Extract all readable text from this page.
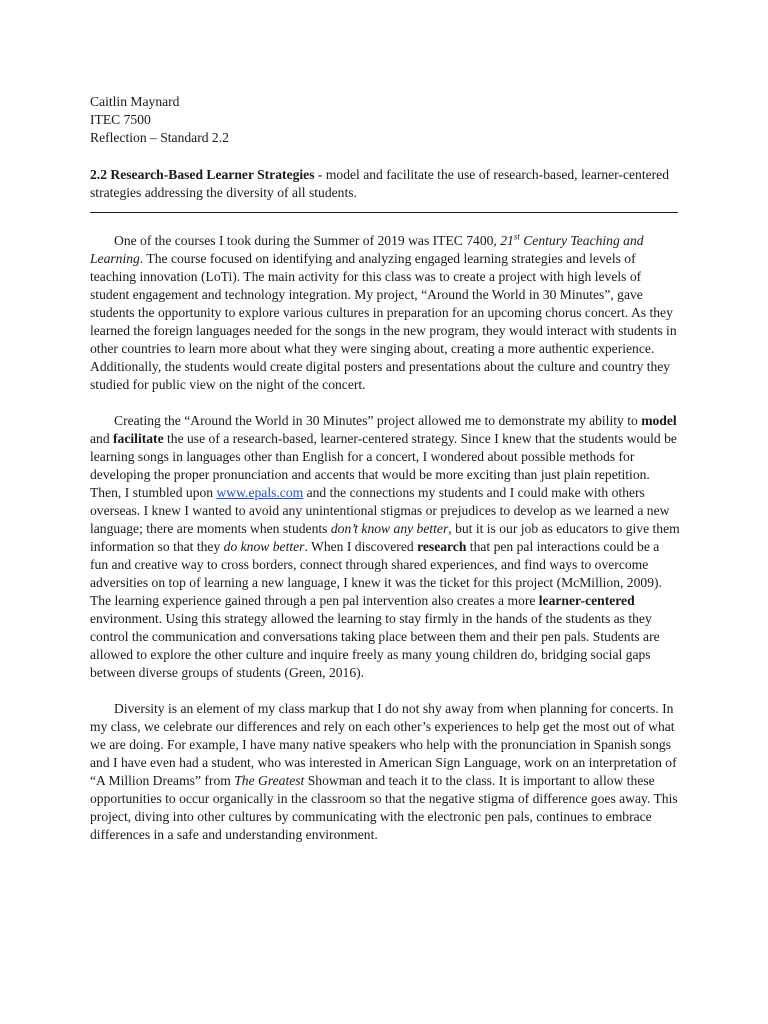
Caitlin Maynard
ITEC 7500
Reflection – Standard 2.2
2.2 Research-Based Learner Strategies - model and facilitate the use of research-based, learner-centered strategies addressing the diversity of all students.

One of the courses I took during the Summer of 2019 was ITEC 7400, 21st Century Teaching and Learning. The course focused on identifying and analyzing engaged learning strategies and levels of teaching innovation (LoTi). The main activity for this class was to create a project with high levels of student engagement and technology integration. My project, “Around the World in 30 Minutes”, gave students the opportunity to explore various cultures in preparation for an upcoming chorus concert. As they learned the foreign languages needed for the songs in the new program, they would interact with students in other countries to learn more about what they were singing about, creating a more authentic experience. Additionally, the students would create digital posters and presentations about the culture and country they studied for public view on the night of the concert.

Creating the “Around the World in 30 Minutes” project allowed me to demonstrate my ability to model and facilitate the use of a research-based, learner-centered strategy. Since I knew that the students would be learning songs in languages other than English for a concert, I wondered about possible methods for developing the proper pronunciation and accents that would be more exciting than just plain repetition. Then, I stumbled upon www.epals.com and the connections my students and I could make with others overseas. I knew I wanted to avoid any unintentional stigmas or prejudices to develop as we learned a new language; there are moments when students don’t know any better, but it is our job as educators to give them information so that they do know better. When I discovered research that pen pal interactions could be a fun and creative way to cross borders, connect through shared experiences, and find ways to overcome adversities on top of learning a new language, I knew it was the ticket for this project (McMillion, 2009). The learning experience gained through a pen pal intervention also creates a more learner-centered environment. Using this strategy allowed the learning to stay firmly in the hands of the students as they control the communication and conversations taking place between them and their pen pals. Students are allowed to explore the other culture and inquire freely as many young children do, bridging social gaps between diverse groups of students (Green, 2016).

Diversity is an element of my class markup that I do not shy away from when planning for concerts. In my class, we celebrate our differences and rely on each other’s experiences to help get the most out of what we are doing. For example, I have many native speakers who help with the pronunciation in Spanish songs and I have even had a student, who was interested in American Sign Language, work on an interpretation of “A Million Dreams” from The Greatest Showman and teach it to the class. It is important to allow these opportunities to occur organically in the classroom so that the negative stigma of difference goes away. This project, diving into other cultures by communicating with the electronic pen pals, continues to embrace differences in a safe and understanding environment.
